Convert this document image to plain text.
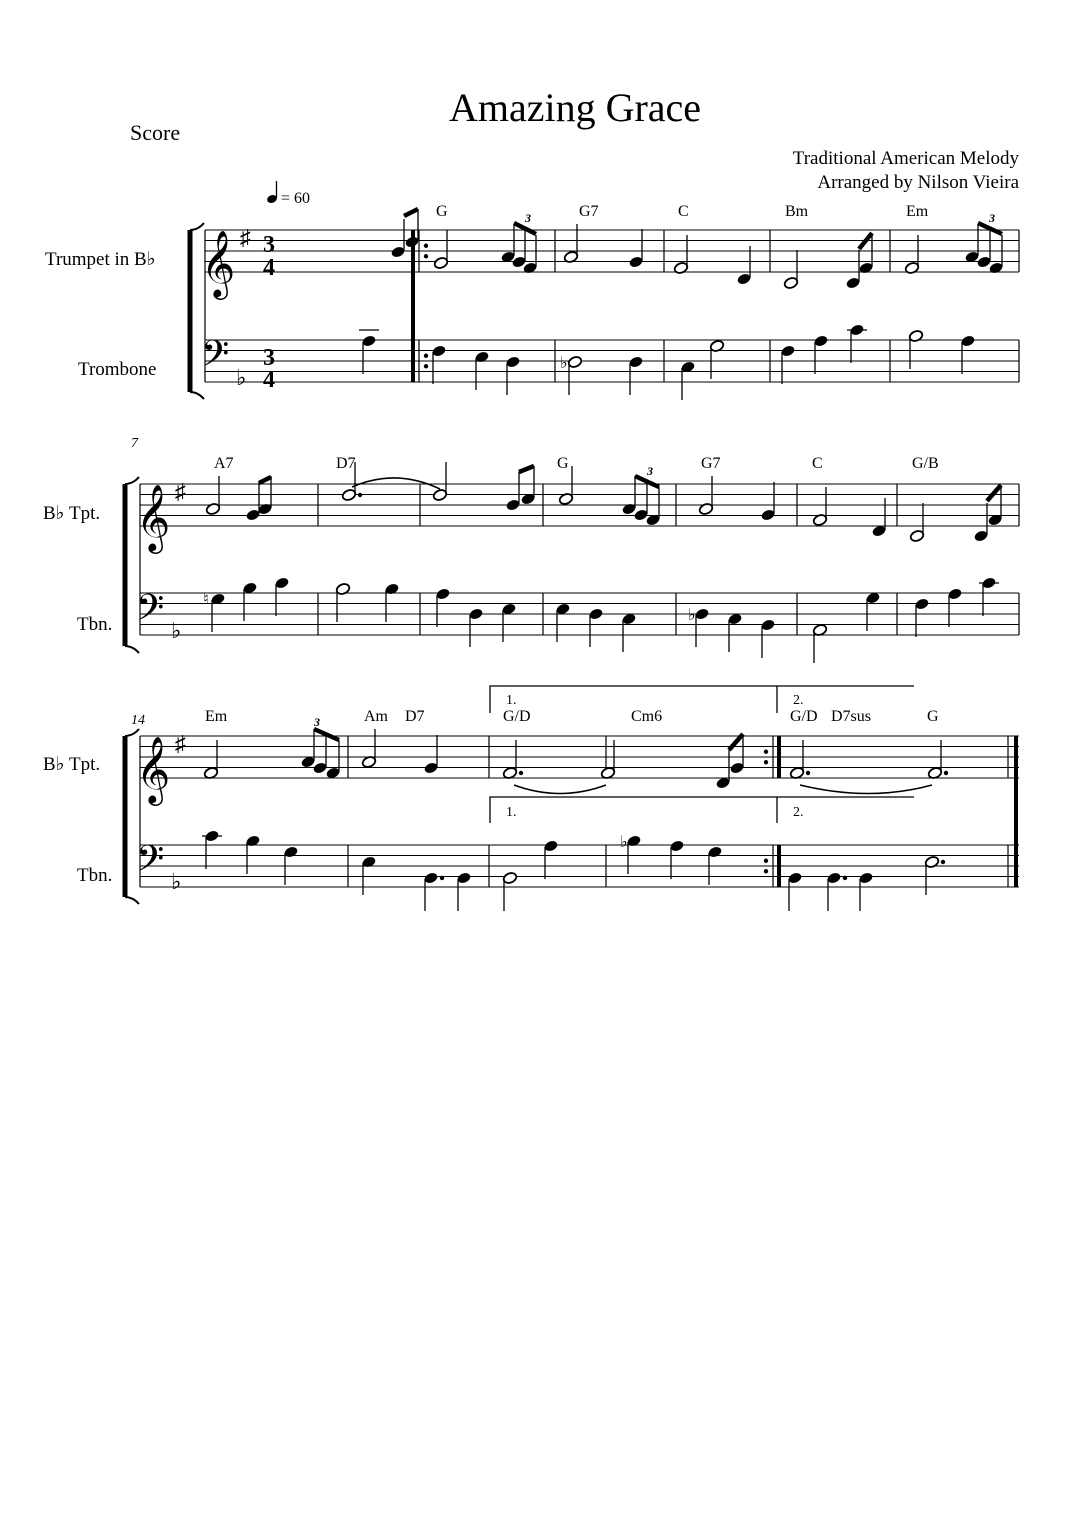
Amazing Grace
Score
Traditional American Melody
Arranged by Nilson Vieira
= 60
Trumpet in B♭
Trombone
B♭ Tpt.
Tbn.
B♭ Tpt.
Tbn.
G	G7	C	Bm	Em
A7	D7	G	G7	C	G/B
Em	Am D7	G/D	Cm6	G/D D7sus	G
7
14
𝄞
𝄢
𝄞
𝄢
𝄞
𝄢
♯
♭
♯
♭
♯
♭
3
4
3
4
1.	2.
1.	2.
3	3
3
3
♭
♮
♭
♭
